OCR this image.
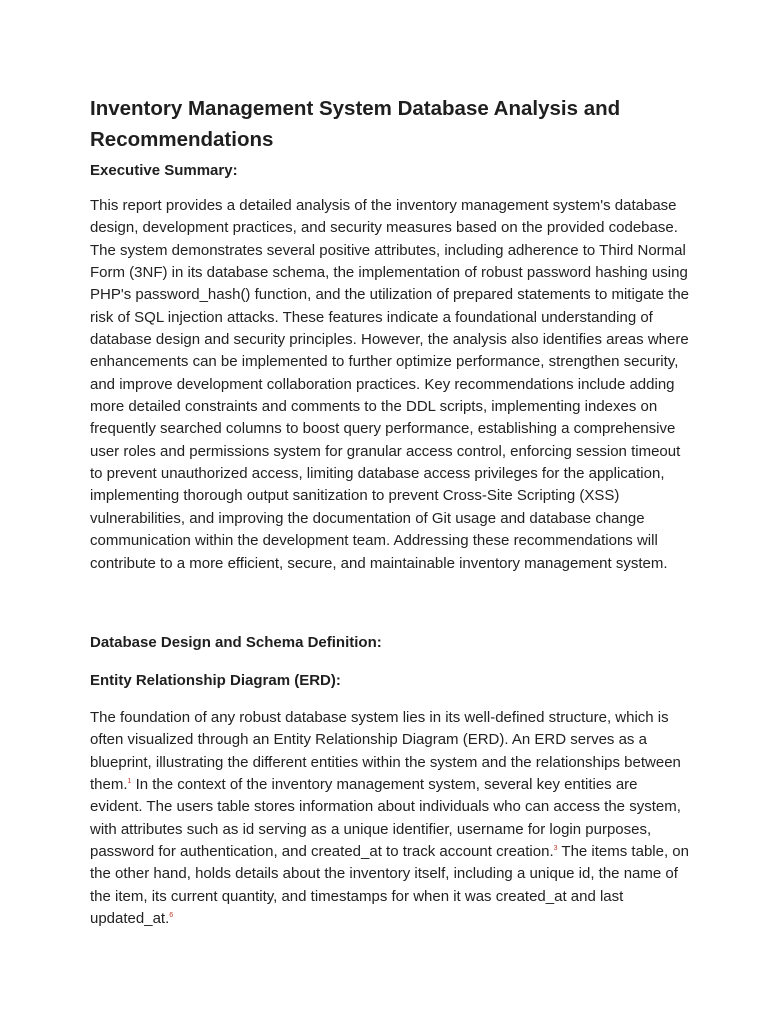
Inventory Management System Database Analysis and Recommendations
Executive Summary:

This report provides a detailed analysis of the inventory management system's database design, development practices, and security measures based on the provided codebase. The system demonstrates several positive attributes, including adherence to Third Normal Form (3NF) in its database schema, the implementation of robust password hashing using PHP's password_hash() function, and the utilization of prepared statements to mitigate the risk of SQL injection attacks. These features indicate a foundational understanding of database design and security principles. However, the analysis also identifies areas where enhancements can be implemented to further optimize performance, strengthen security, and improve development collaboration practices. Key recommendations include adding more detailed constraints and comments to the DDL scripts, implementing indexes on frequently searched columns to boost query performance, establishing a comprehensive user roles and permissions system for granular access control, enforcing session timeout to prevent unauthorized access, limiting database access privileges for the application, implementing thorough output sanitization to prevent Cross-Site Scripting (XSS) vulnerabilities, and improving the documentation of Git usage and database change communication within the development team. Addressing these recommendations will contribute to a more efficient, secure, and maintainable inventory management system.

Database Design and Schema Definition:
Entity Relationship Diagram (ERD):

The foundation of any robust database system lies in its well-defined structure, which is often visualized through an Entity Relationship Diagram (ERD). An ERD serves as a blueprint, illustrating the different entities within the system and the relationships between them.$^1$ In the context of the inventory management system, several key entities are evident. The users table stores information about individuals who can access the system, with attributes such as id serving as a unique identifier, username for login purposes, password for authentication, and created_at to track account creation.$^3$ The items table, on the other hand, holds details about the inventory itself, including a unique id, the name of the item, its current quantity, and timestamps for when it was created_at and last updated_at.$^6$
